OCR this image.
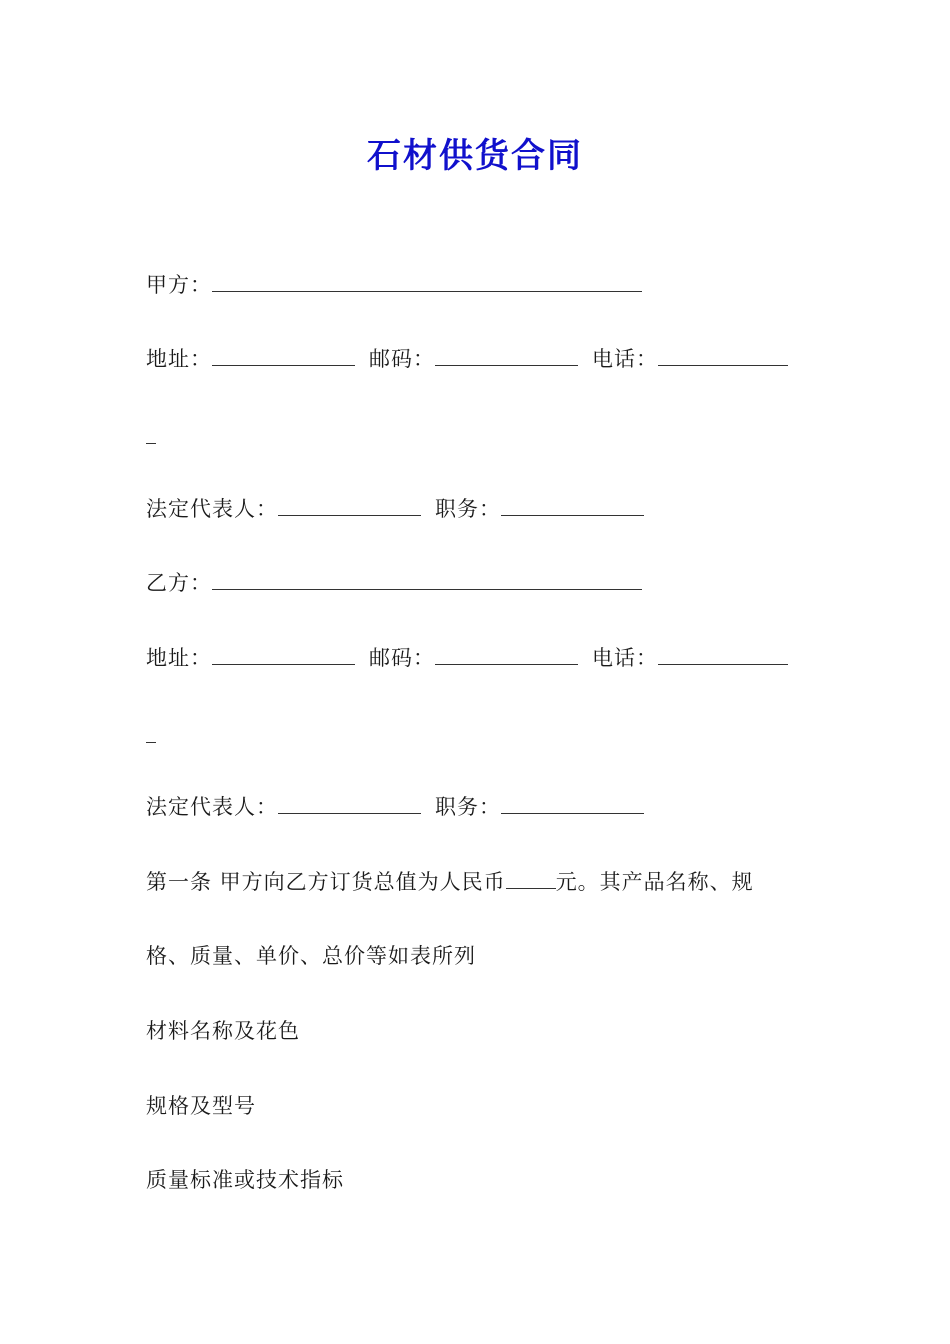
石材供货合同
甲方：
地址：	邮码：	电话：
法定代表人：	职务：
乙方：
地址：	邮码：	电话：
法定代表人：	职务：
第一条 甲方向乙方订货总值为人民币 元。其产品名称、规
格、质量、单价、总价等如表所列
材料名称及花色
规格及型号
质量标准或技术指标
